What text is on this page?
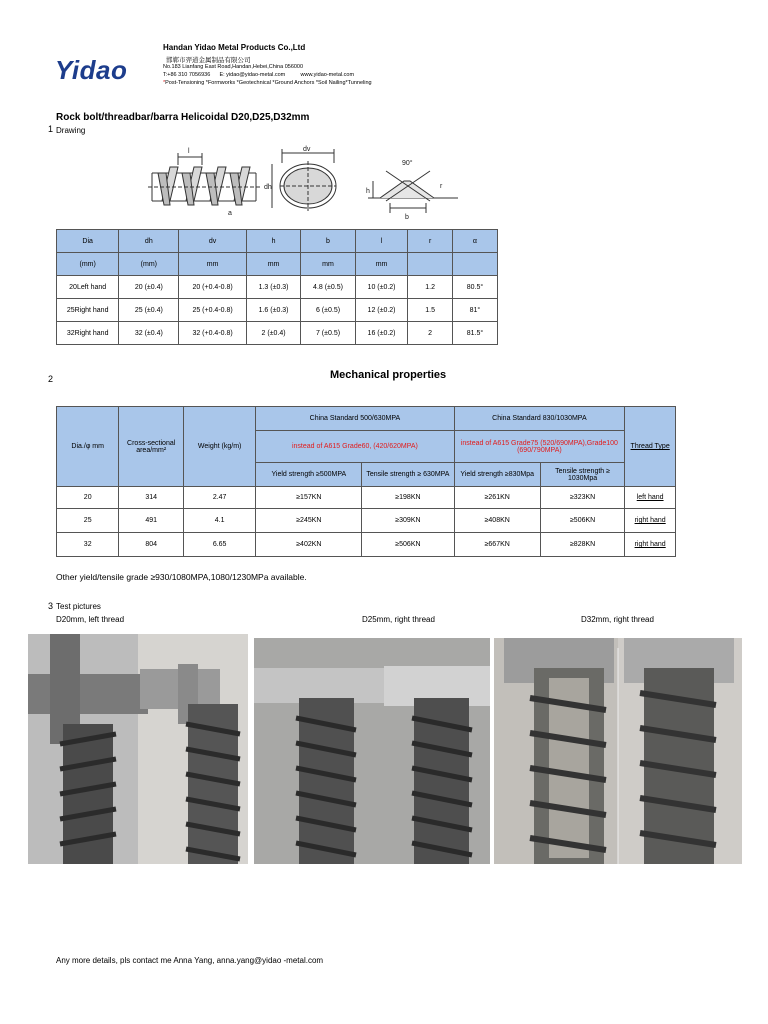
Yidao
Handan Yidao Metal Products Co.,Ltd
邯郸市羿道金属制品有限公司
No.183 Lianfang East Road,Handan,Hebei,China 056000
T:+86 310 7056936 E: yidao@yidao-metal.com	www.yidao-metal.com
*Post-Tensioning *Formworks *Geotechnical *Ground Anchors *Soil Nailing*Tunneling
Rock bolt/threadbar/barra Helicoidal D20,D25,D32mm
1 Drawing
l
a
dv
dh
90°
h
b
r
Dia	dh	dv	h	b	l	r	α
(mm)	(mm)	mm	mm	mm	mm		
20Left hand	20 (±0.4)	20 (+0.4-0.8)	1.3 (±0.3)	4.8 (±0.5)	10 (±0.2)	1.2	80.5°
25Right hand	25 (±0.4)	25 (+0.4-0.8)	1.6 (±0.3)	6 (±0.5)	12 (±0.2)	1.5	81°
32Right hand	32 (±0.4)	32 (+0.4-0.8)	2 (±0.4)	7 (±0.5)	16 (±0.2)	2	81.5°
2	Mechanical properties
Dia./φ mm	Cross-sectional area/mm²	Weight (kg/m)	China Standard 500/630MPA		China Standard 830/1030MPA		Thread Type
			instead of A615 Grade60, (420/620MPA)		instead of A615 Grade75 (520/690MPA),Grade100 (690/790MPA)		
			Yield strength ≥500MPA	Tensile strength ≥ 630MPA	Yield strength ≥830Mpa	Tensile strength ≥ 1030Mpa	
20	314	2.47	≥157KN	≥198KN	≥261KN	≥323KN	left hand
25	491	4.1	≥245KN	≥309KN	≥408KN	≥506KN	right hand
32	804	6.65	≥402KN	≥506KN	≥667KN	≥828KN	right hand
Other yield/tensile grade ≥930/1080MPA,1080/1230MPa available.
3 Test pictures
D20mm, left thread	D25mm, right thread	D32mm, right thread
Any more details, pls contact me Anna Yang, anna.yang@yidao -metal.com
